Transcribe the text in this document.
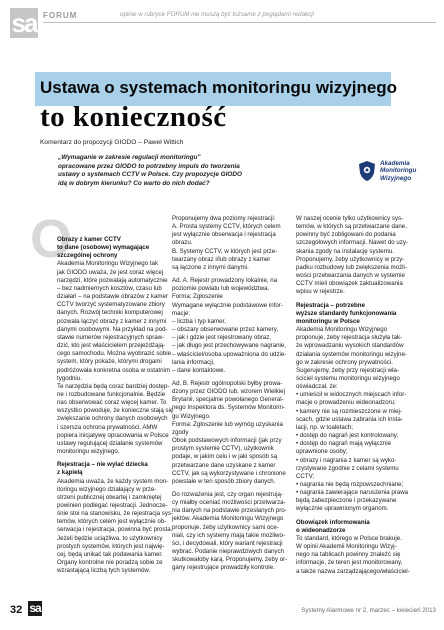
sa FORUM	opinie w rubryce FORUM nie muszą być tożsame z poglądami redakcji
Ustawa o systemach monitoringu wizyjnego
to konieczność
Komentarz do propozycji GIODO – Paweł Wittich
„Wymaganie w zakresie regulacji monitoringu"
opracowane przez GIODO to potrzebny impuls do tworzenia
ustawy o systemach CCTV w Polsce. Czy propozycje GIODO
idą w dobrym kierunku? Co warto do nich dodać?
Akademia
Monitoringu
Wizyjnego
O
Obrazy z kamer CCTV
to dane (osobowe) wymagające
szczególnej ochrony
Akademia Monitoringu Wizyjnego tak
jak GIODO uważa, że jest coraz więcej
narzędzi, które pozwalają automatycznie
– bez nadmiernych kosztów, czasu lub
działań – na podstawie obrazów z kamer
CCTV tworzyć systematyzowane zbiory
danych. Rozwój techniki komputerowej
pozwala łączyć obrazy z kamer z innymi
danymi osobowymi. Na przykład na pod-
stawie numerów rejestracyjnych spraw-
dzić, kto jest właścicielem przejeżdżają-
cego samochodu. Można wyobrazić sobie
system, który pokaże, którymi drogami
podróżowała konkretna osoba w ostatnim
tygodniu.
Te narzędzia będą coraz bardziej dostęp-
ne i rozbudowane funkcjonalnie. Będzie
nas obserwować coraz więcej kamer. To
wszystko powoduje, że konieczne stają się
zwiększanie ochrony danych osobowych
i szersza ochrona prywatności. AMW
popiera inicjatywę opracowania w Polsce
ustawy regulującej działanie systemów
monitoringu wizyjnego.
Rejestracja – nie wylać dziecka
z kąpielą
Akademia uważa, że każdy system mon-
itoringu wizyjnego działający w prze-
strzeni publicznej otwartej i zamkniętej
powinien podlegać rejestracji. Jednocze-
śnie stoi na stanowisku, że rejestracja sys-
temów, których celem jest wyłącznie ob-
serwacja i rejestracja, powinna być prosta.
Jeżeli będzie uciążliwa, to użytkownicy
prostych systemów, których jest najwię-
cej, będą unikać tak podawania kamer.
Organy kontrolne nie poradzą sobie ze
wzrastającą liczbą tych systemów.
Proponujemy dwa poziomy rejestracji:
A. Prosta systemy CCTV, których celem
jest wyłącznie obserwacja i rejestracja
obrazu.
B. Systemy CCTV, w których jest prze-
twarzany obraz i/lub obrazy z kamer
są łączone z innymi danymi.
Ad. A. Rejestr prowadzony lokalnie, na
poziomie powiatu lub województwa.
Forma: Zgłoszenie
Wymagane wyłącznie podstawowe infor-
macje:
– liczba i typ kamer,
– obszary obserwowane przez kamery,
– jak i gdzie jest rejestrowany obraz,
– jak długo jest przechowywane nagranie,
– właściciel/osoba upoważniona do udzie-
lania informacji,
– dane kontaktowe.
Ad. B. Rejestr ogólnopolski byłby prowa-
dzony przez GIODO lub, wzorem Wielkiej
Brytanii, specjalnie powołanego General-
nego Inspektora ds. Systemów Monitorin-
gu Wizyjnego.
Forma: Zgłoszenie lub wymóg uzyskania
zgody
Obok podstawowych informacji (jak przy
prostym systemie CCTV), użytkownik
podaje, w jakim celu i w jaki sposób są
przetwarzane dane uzyskane z kamer
CCTV, jak są wykorzystywane i chronione
powstałe w ten sposób zbiory danych.
Do rozważenia jest, czy organ rejestrują-
cy miałby oceniać możliwości przetwarza-
nia danych na podstawie przesłanych pro-
jektów. Akademia Monitoringu Wizyjnego
proponuje, żeby użytkownicy sami oce-
niali, czy ich systemy mają takie możliwo-
ści, i decydowali, który wariant rejestracji
wybrać. Podanie nieprawdziwych danych
skutkowałoby karą. Proponujemy, żeby or-
gany rejestrujące prowadziły kontrole.
W naszej ocenie tylko użytkownicy sys-
temów, w których są przetwarzane dane,
powinny być zobligowani do podania
szczegółowych informacji. Nawet do uzy-
skania zgody na instalację systemu.
Proponujemy, żeby użytkownicy w przy-
padku rozbudowy lub zwiększenia możli-
wości przetwarzania danych w systemie
CCTV mieli obowiązek zaktualizowania
wpisu w rejestrze.
Rejestracja – potrzebne
wyższe standardy funkcjonowania
monitoringu w Polsce
Akademia Monitoringu Wizyjnego
proponuje, żeby rejestracja służyła tak-
że wprowadzaniu wysokich standardów
działania systemów monitoringu wizyjne-
go w zakresie ochrony prywatności.
Sugerujemy, żeby przy rejestracji wła-
ściciel systemu monitoringu wizyjnego
oświadczał, że:
• umieścił w widocznych miejscach infor-
macje o prowadzeniu wideonadzoru;
• kamery nie są rozmieszczone w miej-
scach, gdzie ustawa zabrania ich insta-
lacji, np. w toaletach;
• dostęp do nagrań jest kontrolowany;
• dostęp do nagrań mają wyłącznie
uprawnione osoby;
• obrazy i nagrania z kamer są wyko-
rzystywane zgodnie z celami systemu
CCTV;
• nagrania nie będą rozpowszechniane;
• nagrania zawierające naruszenia prawa
będą zabezpieczone i przekazywane
wyłącznie uprawnionym organom.
Obowiązek informowania
o wideonadzorze
To standard, którego w Polsce brakuje.
W opinii Akademii Monitoringu Wizyj-
nego na tablicach powinny znaleźć się
informacje, że teren jest monitorowany,
a także nazwa zarządzającego/właściciel-
32 sa	Systemy Alarmowe nr 2, marzec – kwiecień 2013
